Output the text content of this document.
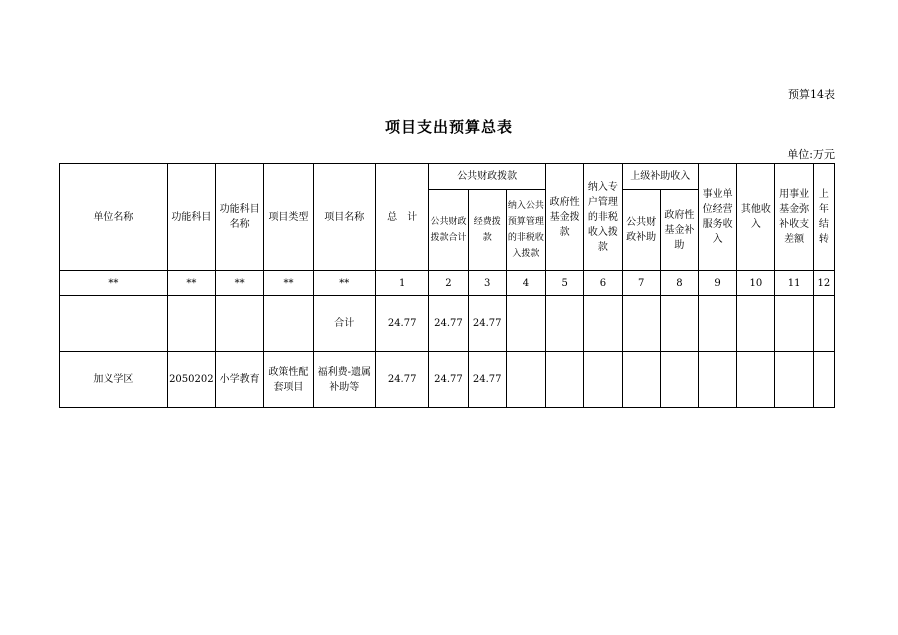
预算14表
项目支出预算总表
单位:万元
单位名称	功能科目	功能科目名称	项目类型	项目名称	总　计	公共财政拨款			政府性基金拨款	纳入专户管理的非税收入拨款	上级补助收入		事业单位经营服务收入	其他收入	用事业基金弥补收支差额	上年结转
						公共财政拨款合计	经费拨款	纳入公共预算管理的非税收入拨款			公共财政补助	政府性基金补助				
**	**	**	**	**	1	2	3	4	5	6	7	8	9	10	11	12
				合计	24.77	24.77	24.77									
加义学区	2050202	小学教育	政策性配套项目	福利费-遗属补助等	24.77	24.77	24.77									
